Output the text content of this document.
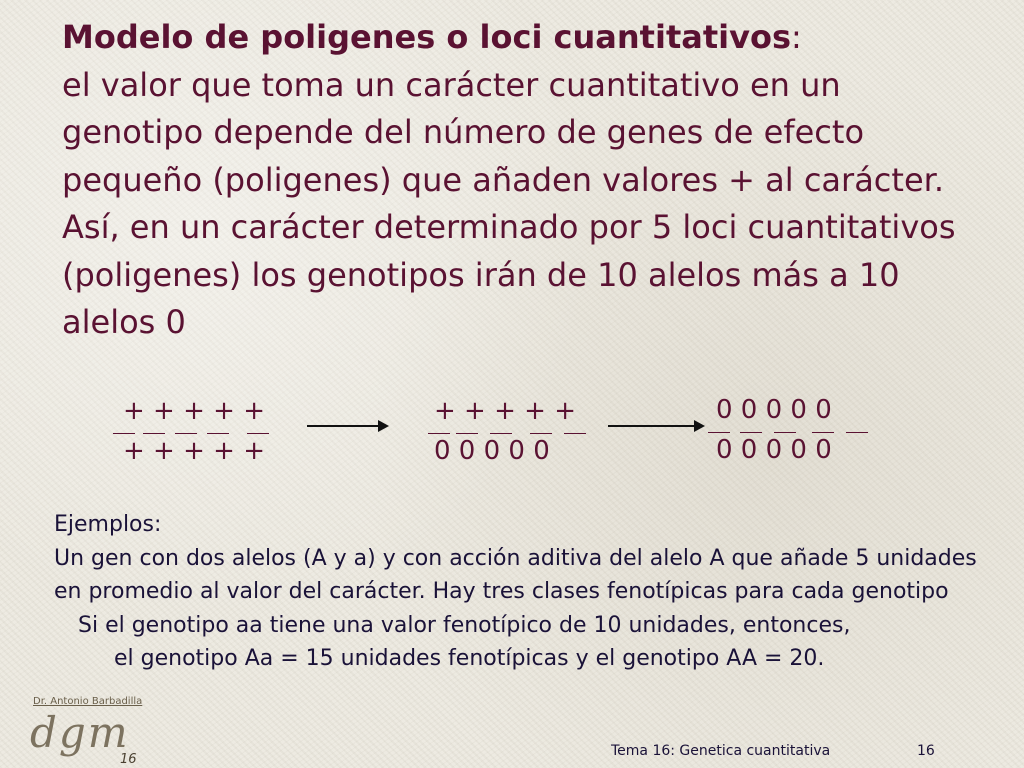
Modelo de poligenes o loci cuantitativos:

el valor que toma un carácter cuantitativo en un genotipo depende del número de genes de efecto pequeño (poligenes) que añaden valores + al carácter.

Así, en un carácter determinado por 5 loci cuantitativos (poligenes) los genotipos irán de 10 alelos más a 10 alelos 0

+ + + + +
+ + + + +
+ + + + +
0 0 0 0 0
0 0 0 0 0
0 0 0 0 0

Ejemplos:

Un gen con dos alelos (A y a) y con acción aditiva del alelo A que añade 5 unidades en promedio al valor del carácter. Hay tres clases fenotípicas para cada genotipo

Si el genotipo aa tiene una valor fenotípico de 10 unidades, entonces,

el genotipo Aa = 15 unidades fenotípicas y el genotipo AA = 20.

Dr. Antonio Barbadilla
dgm
16
Tema 16: Genetica cuantitativa	16
